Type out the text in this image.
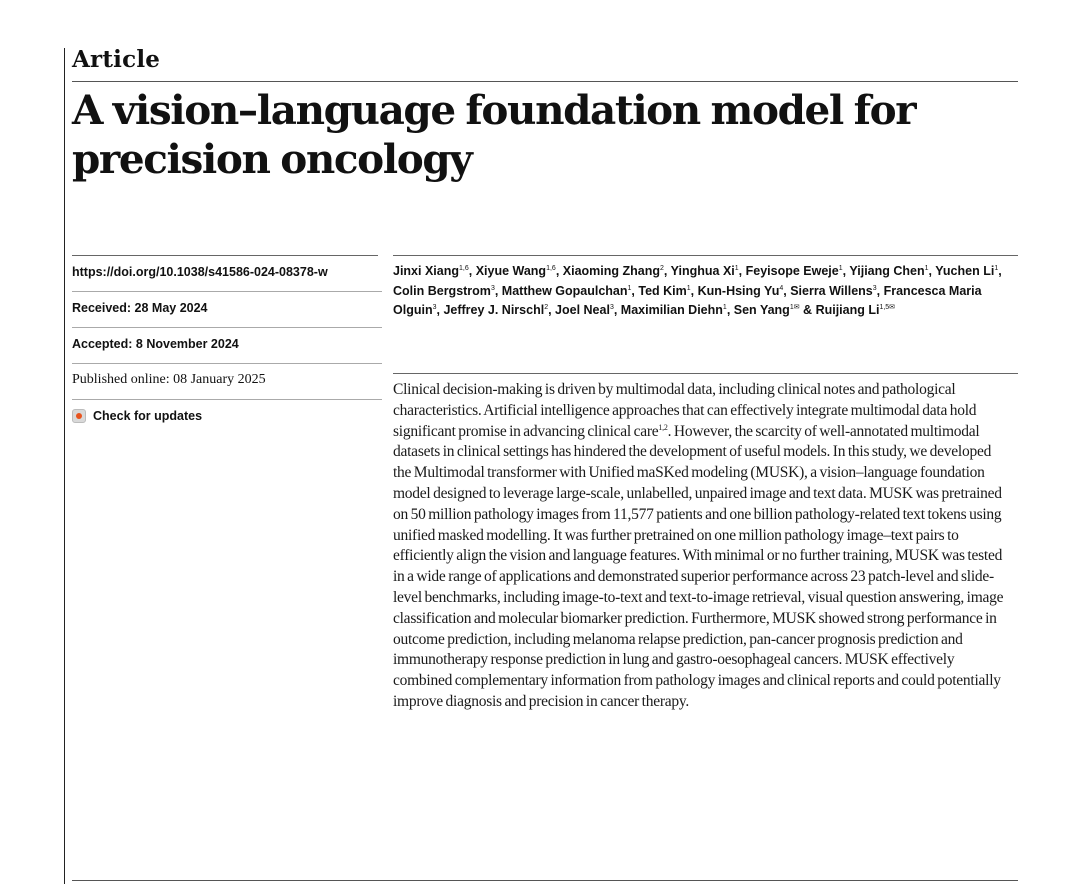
Article
A vision–language foundation model for precision oncology
https://doi.org/10.1038/s41586-024-08378-w
Received: 28 May 2024
Accepted: 8 November 2024
Published online: 08 January 2025
Check for updates

Jinxi Xiang$^{1,6}$, Xiyue Wang$^{1,6}$, Xiaoming Zhang$^2$, Yinghua Xi$^1$, Feyisope Eweje$^1$, Yijiang Chen$^1$, Yuchen Li$^1$, Colin Bergstrom$^3$, Matthew Gopaulchan$^1$, Ted Kim$^1$, Kun-Hsing Yu$^4$, Sierra Willens$^3$, Francesca Maria Olguin$^3$, Jeffrey J. Nirschl$^2$, Joel Neal$^3$, Maximilian Diehn$^1$, Sen Yang$^{1✉}$ & Ruijiang $Li^{1,5✉}$

Clinical decision-making is driven by multimodal data, including clinical notes and pathological characteristics. Artificial intelligence approaches that can effectively integrate multimodal data hold significant promise in advancing clinical care$^{1,2}$. However, the scarcity of well-annotated multimodal datasets in clinical settings has hindered the development of useful models. In this study, we developed the Multimodal transformer with Unified maSKed modeling (MUSK), a vision–language foundation model designed to leverage large-scale, unlabelled, unpaired image and text data. MUSK was pretrained on 50 million pathology images from 11,577 patients and one billion pathology-related text tokens using unified masked modelling. It was further pretrained on one million pathology image–text pairs to efficiently align the vision and language features. With minimal or no further training, MUSK was tested in a wide range of applications and demonstrated superior performance across 23 patch-level and slide-level benchmarks, including image-to-text and text-to-image retrieval, visual question answering, image classification and molecular biomarker prediction. Furthermore, MUSK showed strong performance in outcome prediction, including melanoma relapse prediction, pan-cancer prognosis prediction and immunotherapy response prediction in lung and gastro-oesophageal cancers. MUSK effectively combined complementary information from pathology images and clinical reports and could potentially improve diagnosis and precision in cancer therapy.
